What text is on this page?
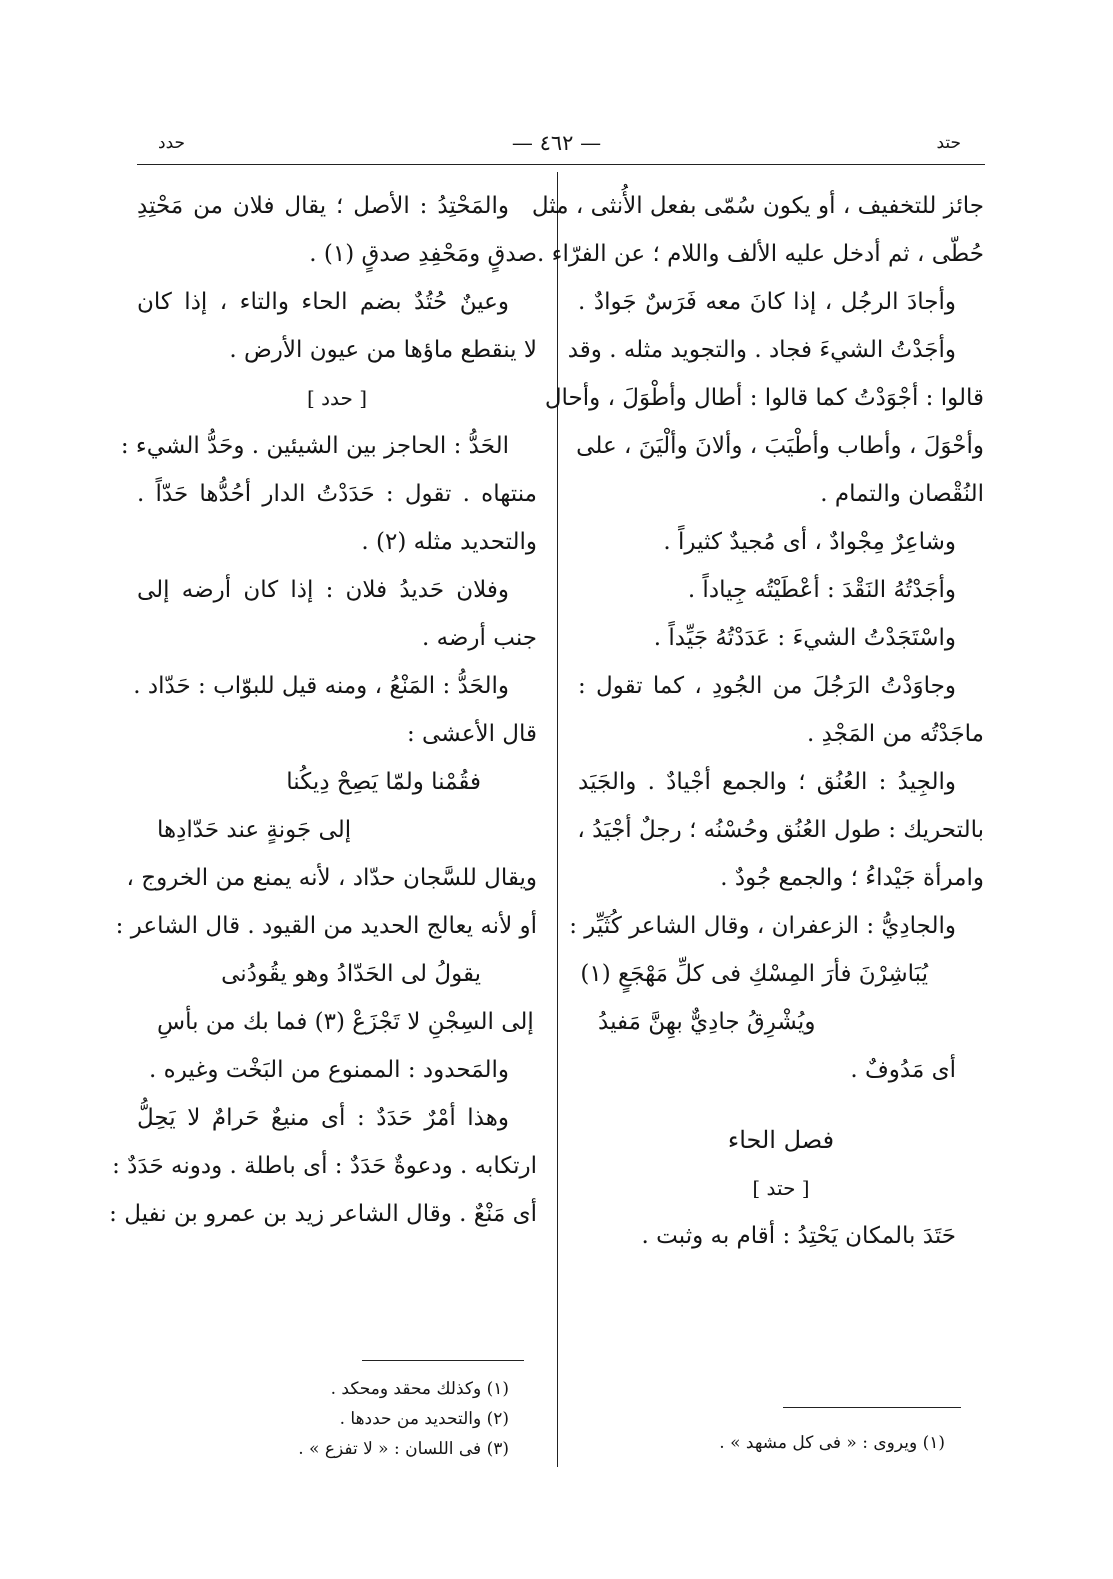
حتد
— ٤٦٢ —
حدد
جائز للتخفيف ، أو يكون سُمّى بفعل الأُنثى ، مثل
حُطّى ، ثم أدخل عليه الألف واللام ؛ عن الفرّاء .
وأجادَ الرجُل ، إذا كانَ معه فَرَسٌ جَوادٌ .
وأجَدْتُ الشيءَ فجاد . والتجويد مثله . وقد
قالوا : أجْوَدْتُ كما قالوا : أطال وأطْوَلَ ، وأحال
وأحْوَلَ ، وأطاب وأطْيَبَ ، وألانَ وألْيَنَ ، على
النُقْصان والتمام .
وشاعِرٌ مِجْوادٌ ، أى مُجيدٌ كثيراً .
وأجَدْتُهُ النَقْدَ : أعْطَيْتُه جِياداً .
واسْتَجَدْتُ الشيءَ : عَدَدْتُهُ جَيِّداً .
وجاوَدْتُ الرَجُلَ من الجُودِ ، كما تقول :
ماجَدْتُه من المَجْدِ .
والجِيدُ : العُنُق ؛ والجمع أجْيادٌ . والجَيَد
بالتحريك : طول العُنُق وحُسْنُه ؛ رجلٌ أجْيَدُ ،
وامرأة جَيْداءُ ؛ والجمع جُودٌ .
والجادِيُّ : الزعفران ، وقال الشاعر كُثَيِّر :
يُبَاشِرْنَ فأرَ المِسْكِ فى كلِّ مَهْجَعٍ (١)
ويُشْرِقُ جادِيٌّ بهِنَّ مَفيدُ
أى مَدُوفٌ .
فصل الحاء
[ حتد ]
حَتَدَ بالمكان يَحْتِدُ : أقام به وثبت .
والمَحْتِدُ : الأصل ؛ يقال فلان من مَحْتِدِ
صدقٍ ومَحْفِدِ صدقٍ (١) .
وعينٌ حُتُدٌ بضم الحاء والتاء ، إذا كان
لا ينقطع ماؤها من عيون الأرض .
[ حدد ]
الحَدُّ : الحاجز بين الشيئين . وحَدُّ الشيء :
منتهاه . تقول : حَدَدْتُ الدار أحُدُّها حَدّاً .
والتحديد مثله (٢) .
وفلان حَديدُ فلان : إذا كان أرضه إلى
جنب أرضه .
والحَدُّ : المَنْعُ ، ومنه قيل للبوّاب : حَدّاد .
قال الأعشى :
فقُمْنا ولمّا يَصِحْ دِيكُنا
إلى جَونةٍ عند حَدّادِها
ويقال للسَّجان حدّاد ، لأنه يمنع من الخروج ،
أو لأنه يعالج الحديد من القيود . قال الشاعر :
يقولُ لى الحَدّادُ وهو يقُودُنى
إلى السِجْنِ لا تَجْزَعْ (٣) فما بك من بأسِ
والمَحدود : الممنوع من البَخْت وغيره .
وهذا أمْرٌ حَدَدٌ : أى منيعٌ حَرامٌ لا يَحِلُّ
ارتكابه . ودعوةٌ حَدَدٌ : أى باطلة . ودونه حَدَدٌ :
أى مَنْعٌ . وقال الشاعر زيد بن عمرو بن نفيل :
(١) وكذلك محقد ومحكد .
(٢) والتحديد من حددها .
(٣) فى اللسان : « لا تفزع » .	(١) ويروى : « فى كل مشهد » .
